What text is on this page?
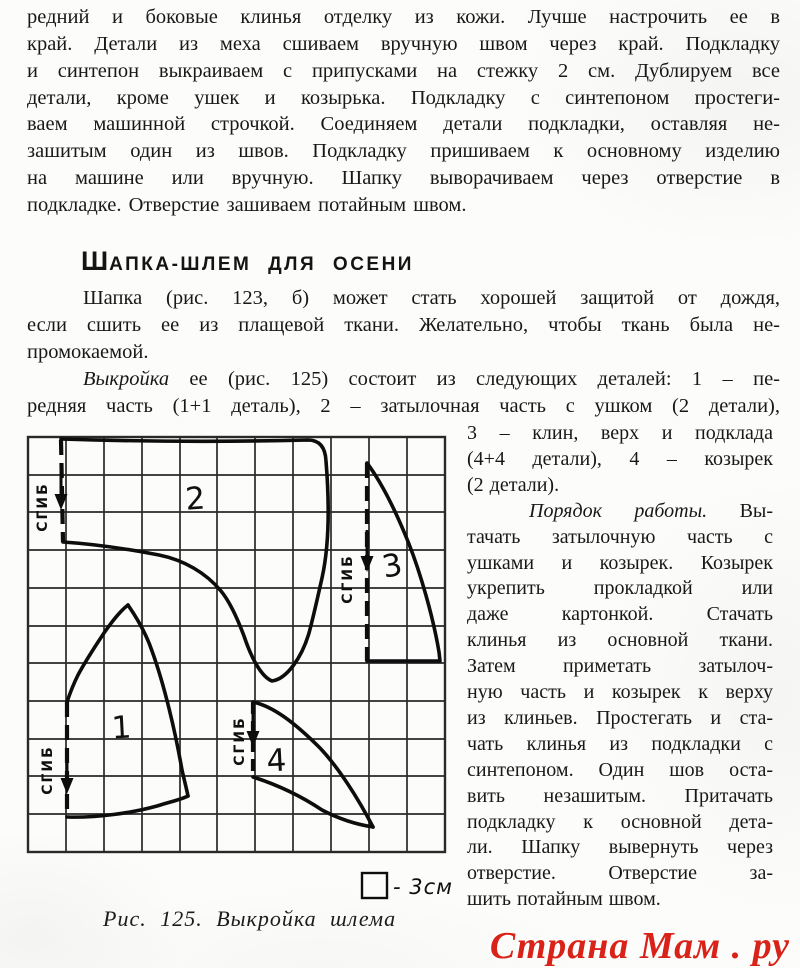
редний и боковые клинья отделку из кожи. Лучше настрочить ее в
край. Детали из меха сшиваем вручную швом через край. Подкладку
и синтепон выкраиваем с припусками на стежку 2 см. Дублируем все
детали, кроме ушек и козырька. Подкладку с синтепоном простеги-
ваем машинной строчкой. Соединяем детали подкладки, оставляя не-
зашитым один из швов. Подкладку пришиваем к основному изделию
на машине или вручную. Шапку выворачиваем через отверстие в
подкладке. Отверстие зашиваем потайным швом.
ШАПКА-ШЛЕМ ДЛЯ ОСЕНИ
Шапка (рис. 123, б) может стать хорошей защитой от дождя,
если сшить ее из плащевой ткани. Желательно, чтобы ткань была не-
промокаемой.
Выкройка ее (рис. 125) состоит из следующих деталей: 1 – пе-
редняя часть (1+1 деталь), 2 – затылочная часть с ушком (2 детали),
3 – клин, верх и подклада
(4+4 детали), 4 – козырек
(2 детали).
Порядок работы. Вы-
тачать затылочную часть с
ушками и козырек. Козырек
укрепить прокладкой или
даже картонкой. Стачать
клинья из основной ткани.
Затем приметать затылоч-
ную часть и козырек к верху
из клиньев. Простегать и ста-
чать клинья из подкладки с
синтепоном. Один шов оста-
вить незашитым. Притачать
подкладку к основной дета-
ли. Шапку вывернуть через
отверстие. Отверстие за-
шить потайным швом.
СГИБ	2
СГИБ 3
СГИБ
1	СГИБ 4
- 3см
Рис. 125. Выкройка шлема
Страна Мам . ру
